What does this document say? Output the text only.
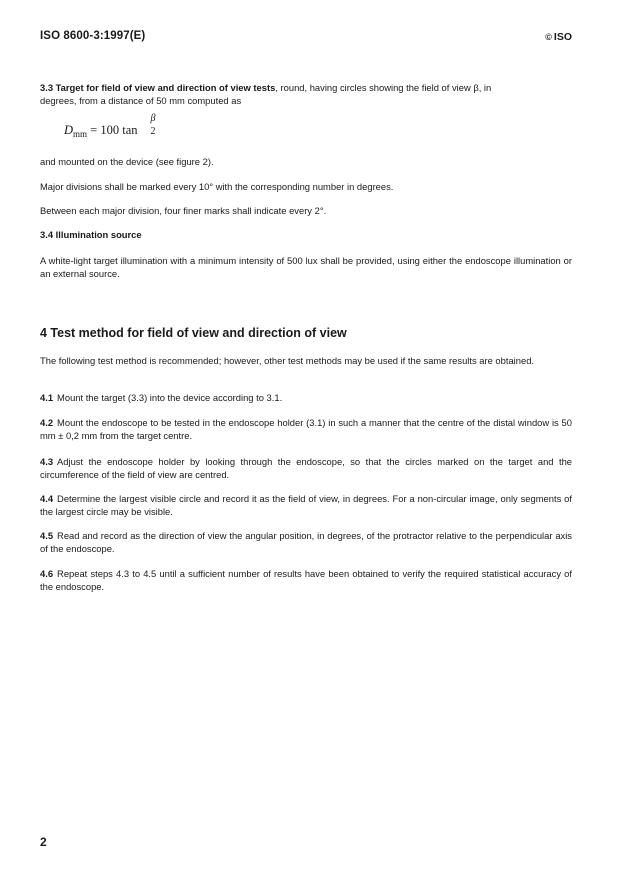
ISO 8600-3:1997(E)	© ISO

3.3 Target for field of view and direction of view tests, round, having circles showing the field of view β, in
degrees, from a distance of 50 mm computed as

$D_{mm} = 100$ tan
β
2

and mounted on the device (see figure 2).

Major divisions shall be marked every 10° with the corresponding number in degrees.

Between each major division, four finer marks shall indicate every 2°.

3.4 Illumination source

A white-light target illumination with a minimum intensity of 500 lux shall be provided, using either the endoscope illumination or an external source.

4 Test method for field of view and direction of view

The following test method is recommended; however, other test methods may be used if the same results are obtained.

4.1 Mount the target (3.3) into the device according to 3.1.

4.2 Mount the endoscope to be tested in the endoscope holder (3.1) in such a manner that the centre of the distal window is 50 mm ± 0,2 mm from the target centre.

4.3 Adjust the endoscope holder by looking through the endoscope, so that the circles marked on the target and the circumference of the field of view are centred.

4.4 Determine the largest visible circle and record it as the field of view, in degrees. For a non-circular image, only segments of the largest circle may be visible.

4.5 Read and record as the direction of view the angular position, in degrees, of the protractor relative to the perpendicular axis of the endoscope.

4.6 Repeat steps 4.3 to 4.5 until a sufficient number of results have been obtained to verify the required statistical accuracy of the endoscope.

2
